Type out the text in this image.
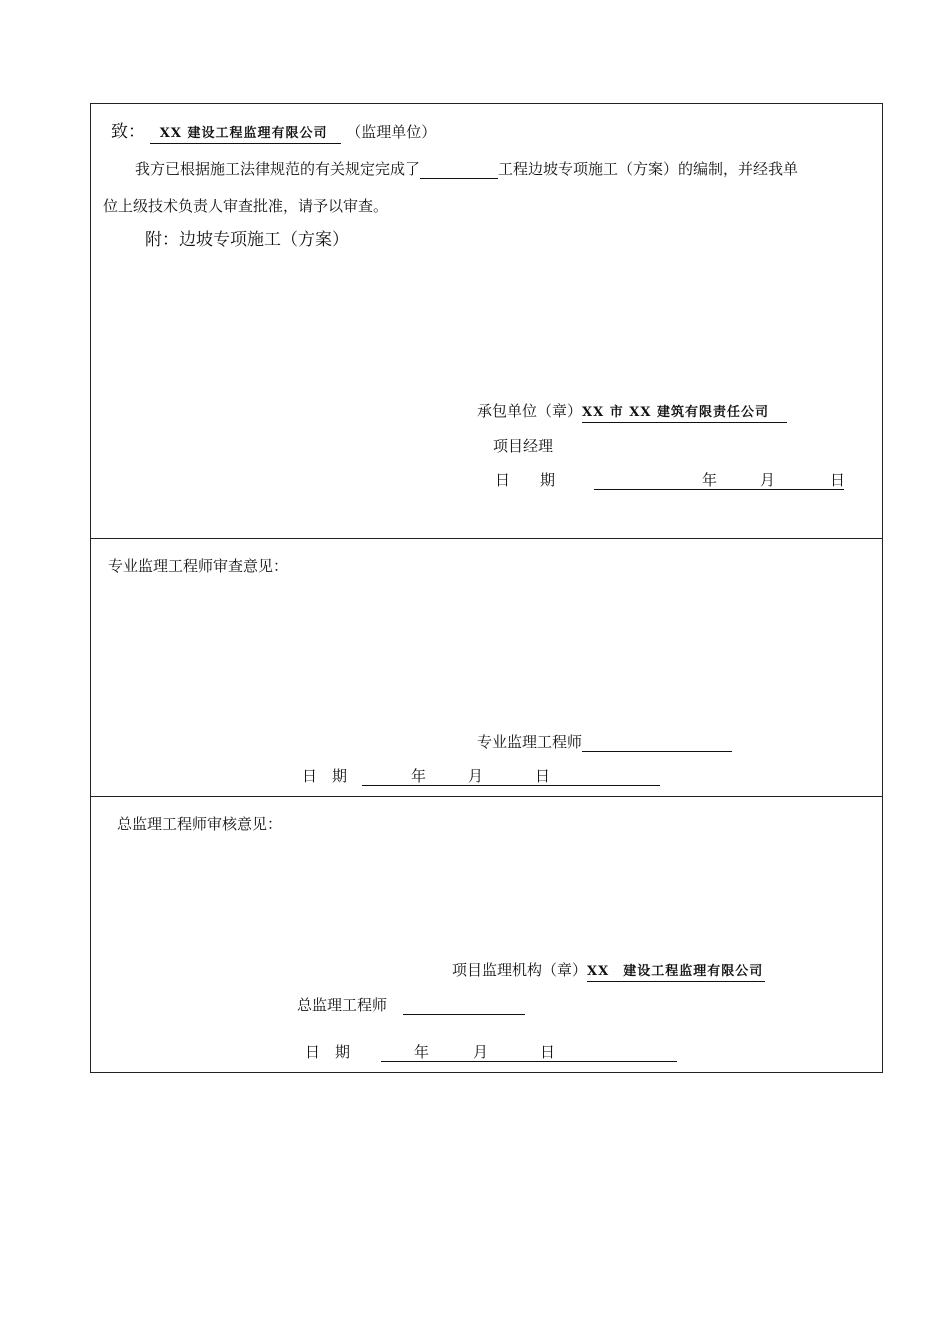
致： XX 建设工程监理有限公司 （监理单位）
我方已根据施工法律规范的有关规定完成了	工程边坡专项施工（方案）的编制，并经我单
位上级技术负责人审查批准，请予以审查。
附：边坡专项施工（方案）
承包单位（章）XX 市 XX 建筑有限责任公司
项目经理
日　　期	年	月	日
专业监理工程师审查意见：
专业监理工程师
日　期	年	月	日
总监理工程师审核意见：
项目监理机构（章）XX　建设工程监理有限公司
总监理工程师
日　期	年	月	日
